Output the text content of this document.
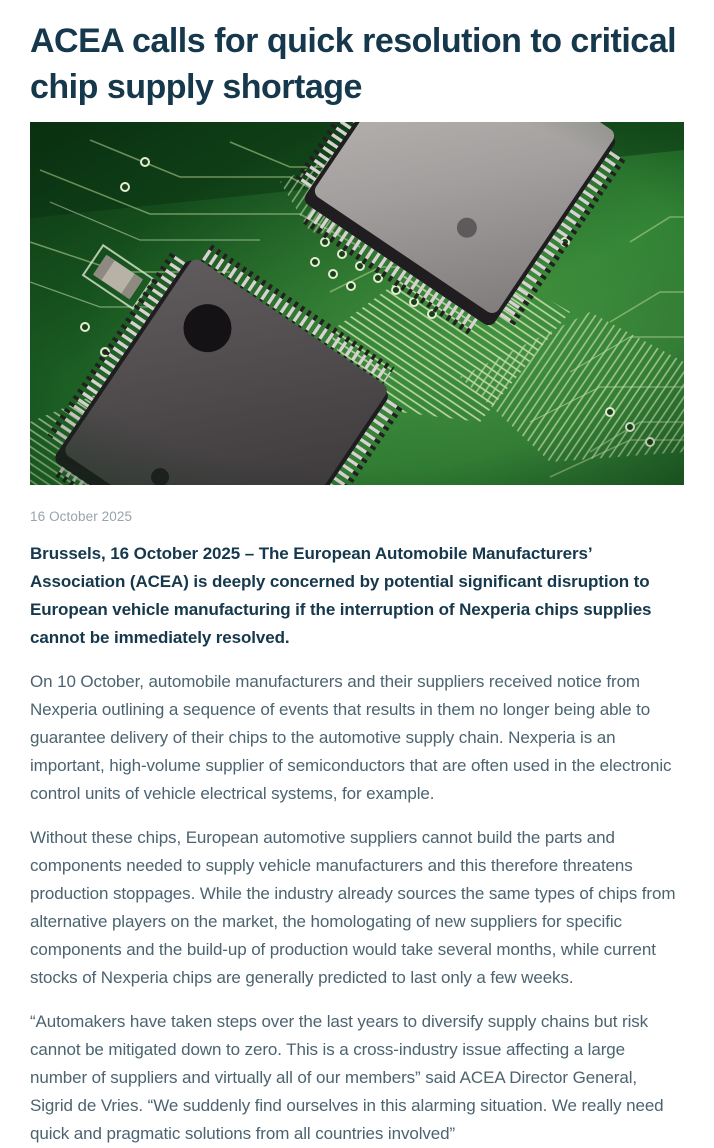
ACEA calls for quick resolution to critical chip supply shortage
16 October 2025

Brussels, 16 October 2025 – The European Automobile Manufacturers’ Association (ACEA) is deeply concerned by potential significant disruption to European vehicle manufacturing if the interruption of Nexperia chips supplies cannot be immediately resolved.

On 10 October, automobile manufacturers and their suppliers received notice from Nexperia outlining a sequence of events that results in them no longer being able to guarantee delivery of their chips to the automotive supply chain. Nexperia is an important, high-volume supplier of semiconductors that are often used in the electronic control units of vehicle electrical systems, for example.

Without these chips, European automotive suppliers cannot build the parts and components needed to supply vehicle manufacturers and this therefore threatens production stoppages. While the industry already sources the same types of chips from alternative players on the market, the homologating of new suppliers for specific components and the build-up of production would take several months, while current stocks of Nexperia chips are generally predicted to last only a few weeks.

“Automakers have taken steps over the last years to diversify supply chains but risk cannot be mitigated down to zero. This is a cross-industry issue affecting a large number of suppliers and virtually all of our members” said ACEA Director General, Sigrid de Vries. “We suddenly find ourselves in this alarming situation. We really need quick and pragmatic solutions from all countries involved”
